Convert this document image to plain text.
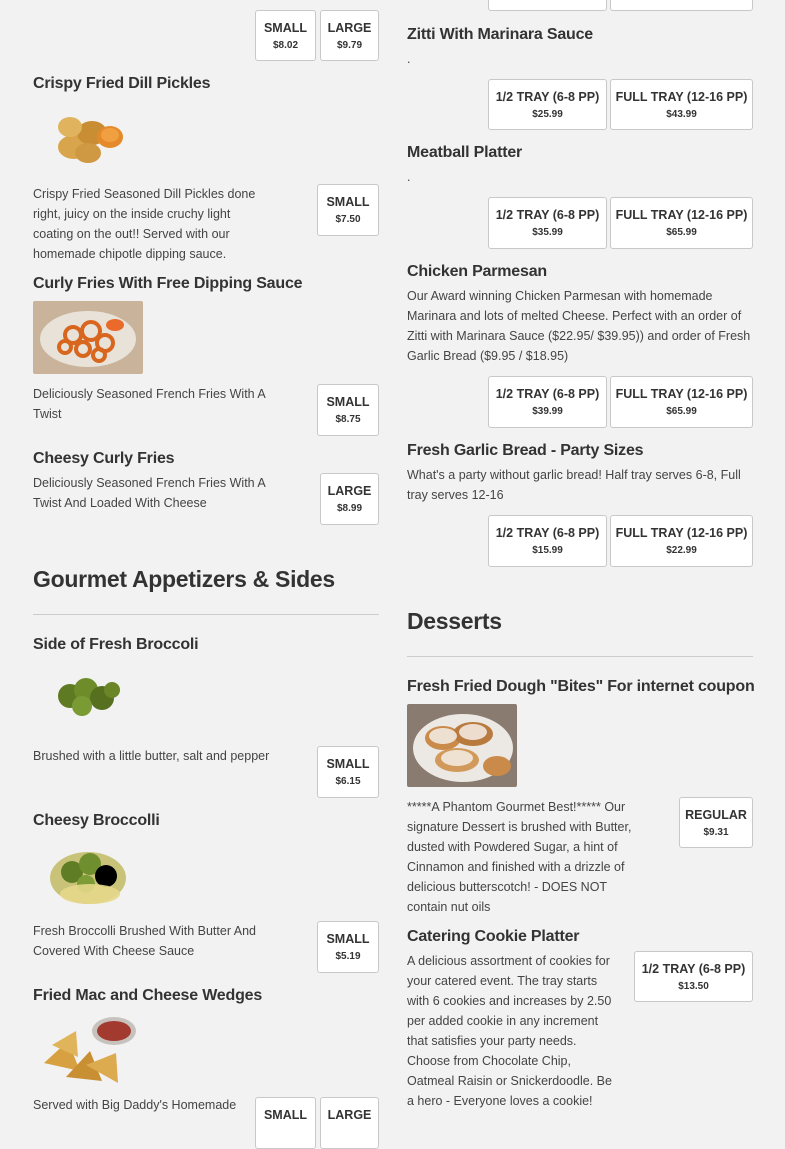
SMALL
$8.02
LARGE
$9.79
Crispy Fried Dill Pickles
Crispy Fried Seasoned Dill Pickles done right, juicy on the inside cruchy light coating on the out!! Served with our homemade chipotle dipping sauce.
SMALL
$7.50
Curly Fries With Free Dipping Sauce
Deliciously Seasoned French Fries With A Twist
SMALL
$8.75
Cheesy Curly Fries
Deliciously Seasoned French Fries With A Twist And Loaded With Cheese
LARGE
$8.99
Gourmet Appetizers & Sides
Side of Fresh Broccoli
Brushed with a little butter, salt and pepper
SMALL
$6.15
Cheesy Broccolli
Fresh Broccolli Brushed With Butter And Covered With Cheese Sauce
SMALL
$5.19
Fried Mac and Cheese Wedges
Served with Big Daddy's Homemade
SMALL	LARGE
Zitti With Marinara Sauce
.
1/2 TRAY (6-8 PP)
$25.99
FULL TRAY (12-16 PP)
$43.99
Meatball Platter
.
1/2 TRAY (6-8 PP)
$35.99
FULL TRAY (12-16 PP)
$65.99
Chicken Parmesan
Our Award winning Chicken Parmesan with homemade Marinara and lots of melted Cheese. Perfect with an order of Zitti with Marinara Sauce ($22.95/ $39.95)) and order of Fresh Garlic Bread ($9.95 / $18.95)
1/2 TRAY (6-8 PP)
$39.99
FULL TRAY (12-16 PP)
$65.99
Fresh Garlic Bread - Party Sizes
What's a party without garlic bread! Half tray serves 6-8, Full tray serves 12-16
1/2 TRAY (6-8 PP)
$15.99
FULL TRAY (12-16 PP)
$22.99
Desserts
Fresh Fried Dough "Bites" For internet coupon
*****A Phantom Gourmet Best!***** Our signature Dessert is brushed with Butter, dusted with Powdered Sugar, a hint of Cinnamon and finished with a drizzle of delicious butterscotch! - DOES NOT contain nut oils
REGULAR
$9.31
Catering Cookie Platter
A delicious assortment of cookies for your catered event. The tray starts with 6 cookies and increases by 2.50 per added cookie in any increment that satisfies your party needs. Choose from Chocolate Chip, Oatmeal Raisin or Snickerdoodle. Be a hero - Everyone loves a cookie!
1/2 TRAY (6-8 PP)
$13.50
